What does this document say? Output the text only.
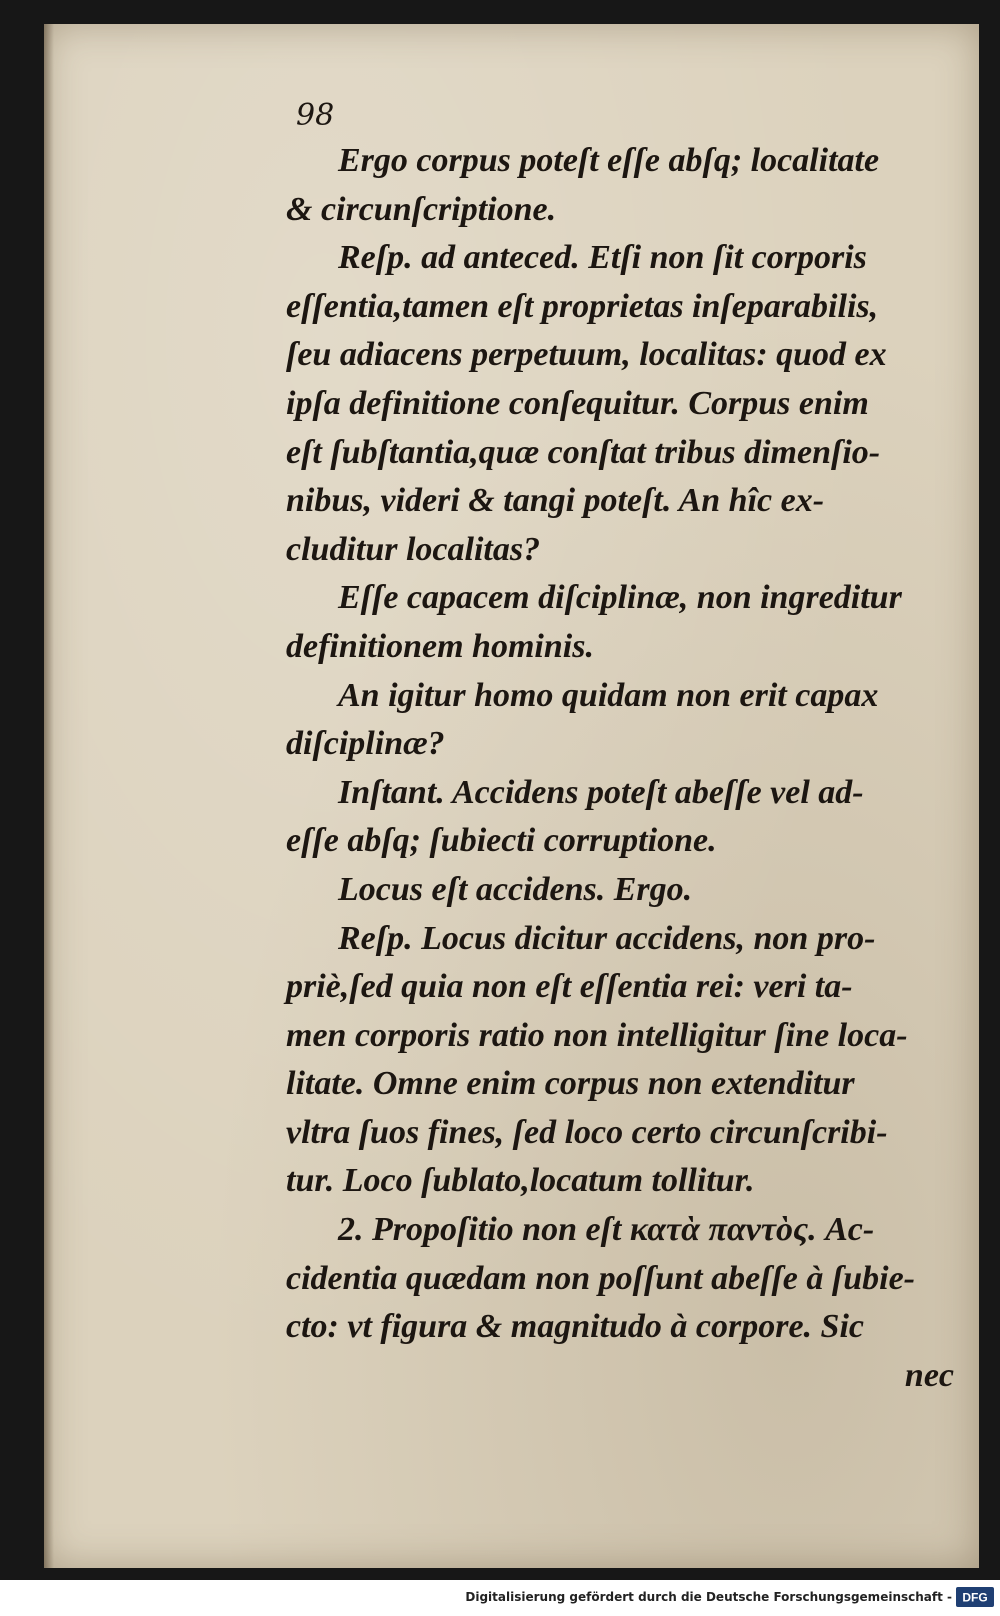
98
Ergo corpus poteſt eſſe abſq; localitate
& circunſcriptione.
Reſp. ad anteced. Etſi non ſit corporis
eſſentia,tamen eſt proprietas inſeparabilis,
ſeu adiacens perpetuum, localitas: quod ex
ipſa definitione conſequitur. Corpus enim
eſt ſubſtantia,quæ conſtat tribus dimenſio-
nibus, videri & tangi poteſt. An hîc ex-
cluditur localitas?
Eſſe capacem diſciplinæ, non ingreditur
definitionem hominis.
An igitur homo quidam non erit capax
diſciplinæ?
Inſtant. Accidens poteſt abeſſe vel ad-
eſſe abſq; ſubiecti corruptione.
Locus eſt accidens. Ergo.
Reſp. Locus dicitur accidens, non pro-
priè,ſed quia non eſt eſſentia rei: veri ta-
men corporis ratio non intelligitur ſine loca-
litate. Omne enim corpus non extenditur
vltra ſuos fines, ſed loco certo circunſcribi-
tur. Loco ſublato,locatum tollitur.
2. Propoſitio non eſt κατὰ παντὸς. Ac-
cidentia quædam non poſſunt abeſſe à ſubie-
cto: vt figura & magnitudo à corpore. Sic
nec
Digitalisierung gefördert durch die Deutsche Forschungsgemeinschaft - DFG
